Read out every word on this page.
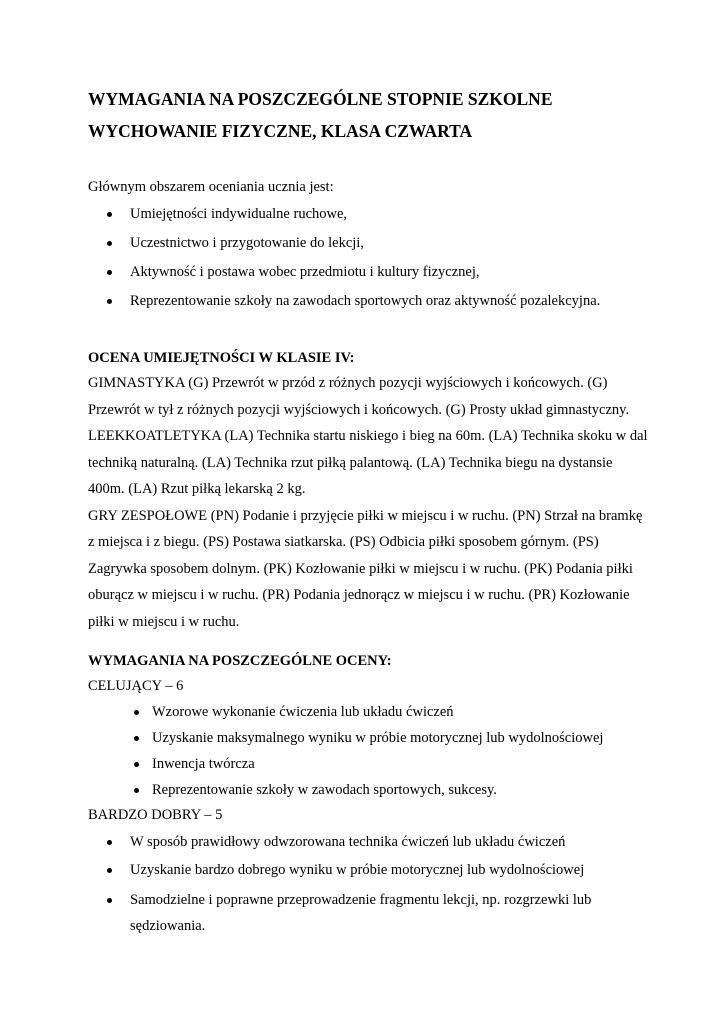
WYMAGANIA NA POSZCZEGÓLNE STOPNIE SZKOLNE
WYCHOWANIE FIZYCZNE, KLASA CZWARTA
Głównym obszarem oceniania ucznia jest:
Umiejętności indywidualne ruchowe,
Uczestnictwo i przygotowanie do lekcji,
Aktywność i postawa wobec przedmiotu i kultury fizycznej,
Reprezentowanie szkoły na zawodach sportowych oraz aktywność pozalekcyjna.
OCENA UMIEJĘTNOŚCI W KLASIE IV:
GIMNASTYKA (G) Przewrót w przód z różnych pozycji wyjściowych i końcowych. (G) Przewrót w tył z różnych pozycji wyjściowych i końcowych. (G) Prosty układ gimnastyczny.
LEEKKOATLETYKA (LA) Technika startu niskiego i bieg na 60m. (LA) Technika skoku w dal techniką naturalną. (LA) Technika rzut piłką palantową. (LA) Technika biegu na dystansie 400m. (LA) Rzut piłką lekarską 2 kg.
GRY ZESPOŁOWE (PN) Podanie i przyjęcie piłki w miejscu i w ruchu. (PN) Strzał na bramkę z miejsca i z biegu. (PS) Postawa siatkarska. (PS) Odbicia piłki sposobem górnym. (PS) Zagrywka sposobem dolnym. (PK) Kozłowanie piłki w miejscu i w ruchu. (PK) Podania piłki oburącz w miejscu i w ruchu. (PR) Podania jednorącz w miejscu i w ruchu. (PR) Kozłowanie piłki w miejscu i w ruchu.
WYMAGANIA NA POSZCZEGÓLNE OCENY:
CELUJĄCY – 6
Wzorowe wykonanie ćwiczenia lub układu ćwiczeń
Uzyskanie maksymalnego wyniku w próbie motorycznej lub wydolnościowej
Inwencja twórcza
Reprezentowanie szkoły w zawodach sportowych, sukcesy.
BARDZO DOBRY – 5
W sposób prawidłowy odwzorowana technika ćwiczeń lub układu ćwiczeń
Uzyskanie bardzo dobrego wyniku w próbie motorycznej lub wydolnościowej
Samodzielne i poprawne przeprowadzenie fragmentu lekcji, np. rozgrzewki lub sędziowania.
